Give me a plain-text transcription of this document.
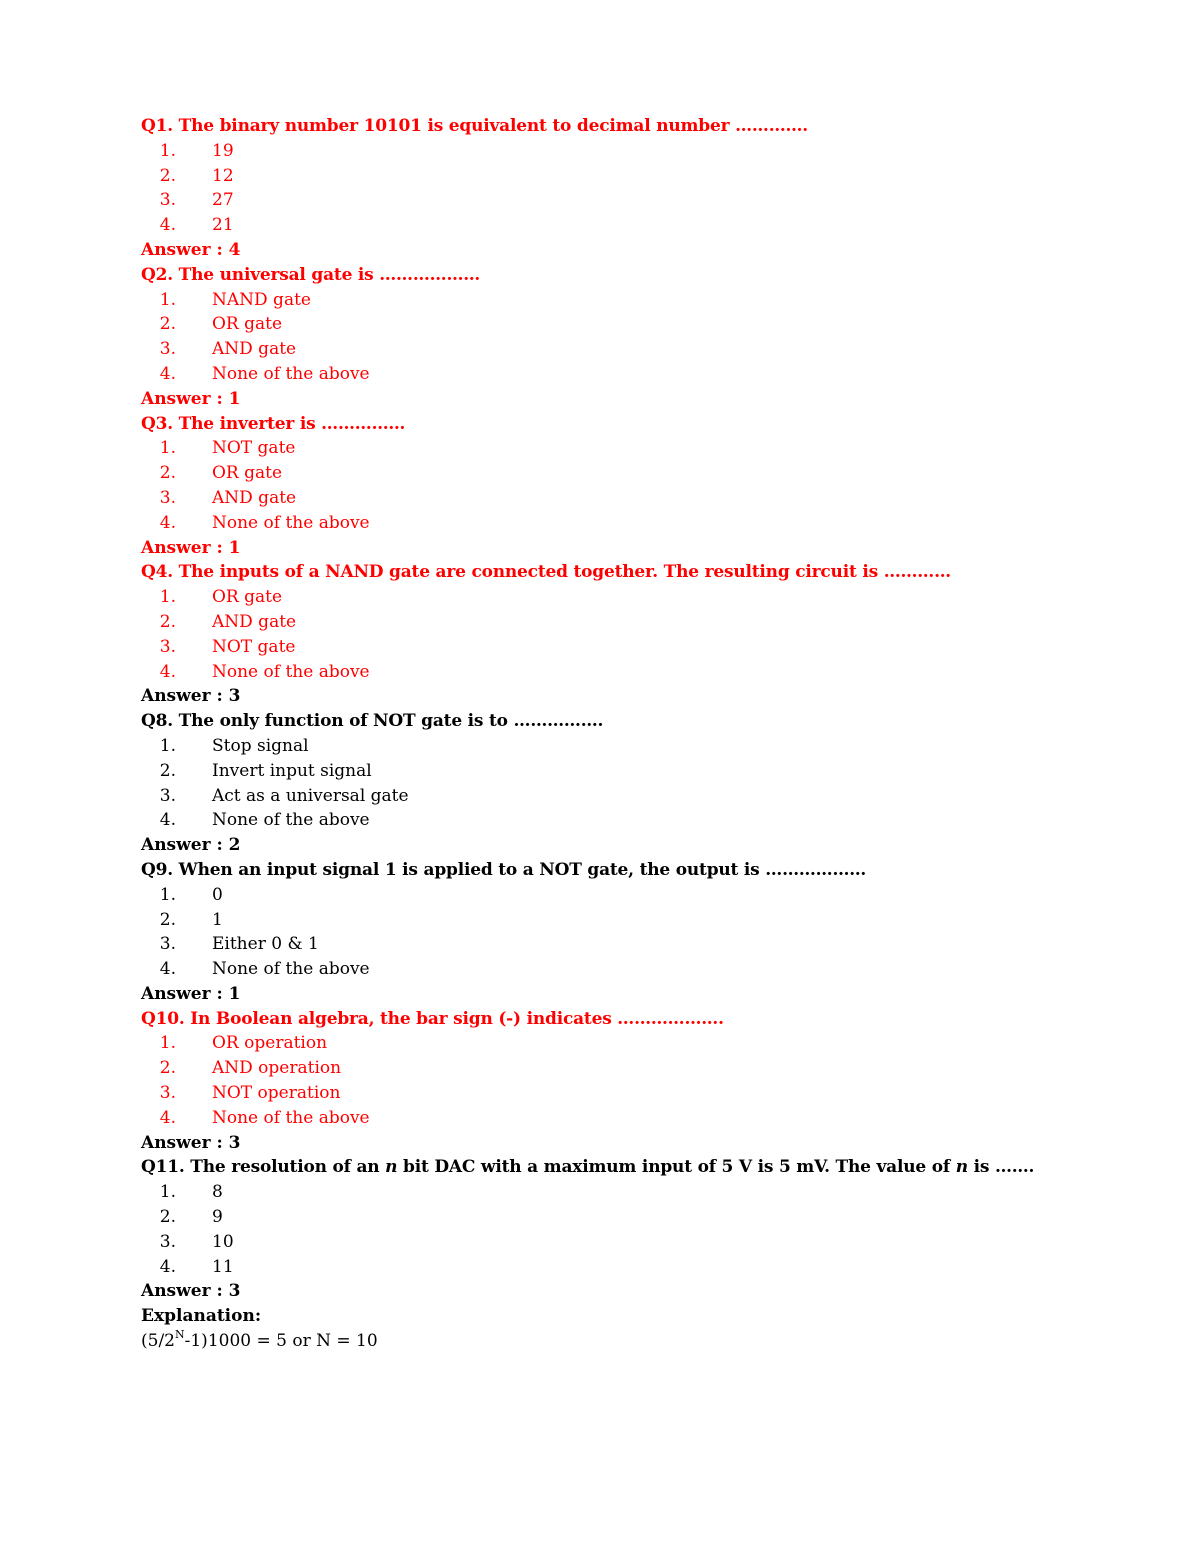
Q1. The binary number 10101 is equivalent to decimal number ………….
1. 19
2. 12
3. 27
4. 21
Answer : 4
Q2. The universal gate is ………………
1. NAND gate
2. OR gate
3. AND gate
4. None of the above
Answer : 1
Q3. The inverter is ……………
1. NOT gate
2. OR gate
3. AND gate
4. None of the above
Answer : 1
Q4. The inputs of a NAND gate are connected together. The resulting circuit is …………
1. OR gate
2. AND gate
3. NOT gate
4. None of the above
Answer : 3
Q8. The only function of NOT gate is to …………….
1. Stop signal
2. Invert input signal
3. Act as a universal gate
4. None of the above
Answer : 2
Q9. When an input signal 1 is applied to a NOT gate, the output is ………………
1. 0
2. 1
3. Either 0 & 1
4. None of the above
Answer : 1
Q10. In Boolean algebra, the bar sign (-) indicates ……………….
1. OR operation
2. AND operation
3. NOT operation
4. None of the above
Answer : 3
Q11. The resolution of an n bit DAC with a maximum input of 5 V is 5 mV. The value of n is …….
1. 8
2. 9
3. 10
4. 11
Answer : 3
Explanation:
$(5/2^N-1)1000 = 5$ or N = 10
